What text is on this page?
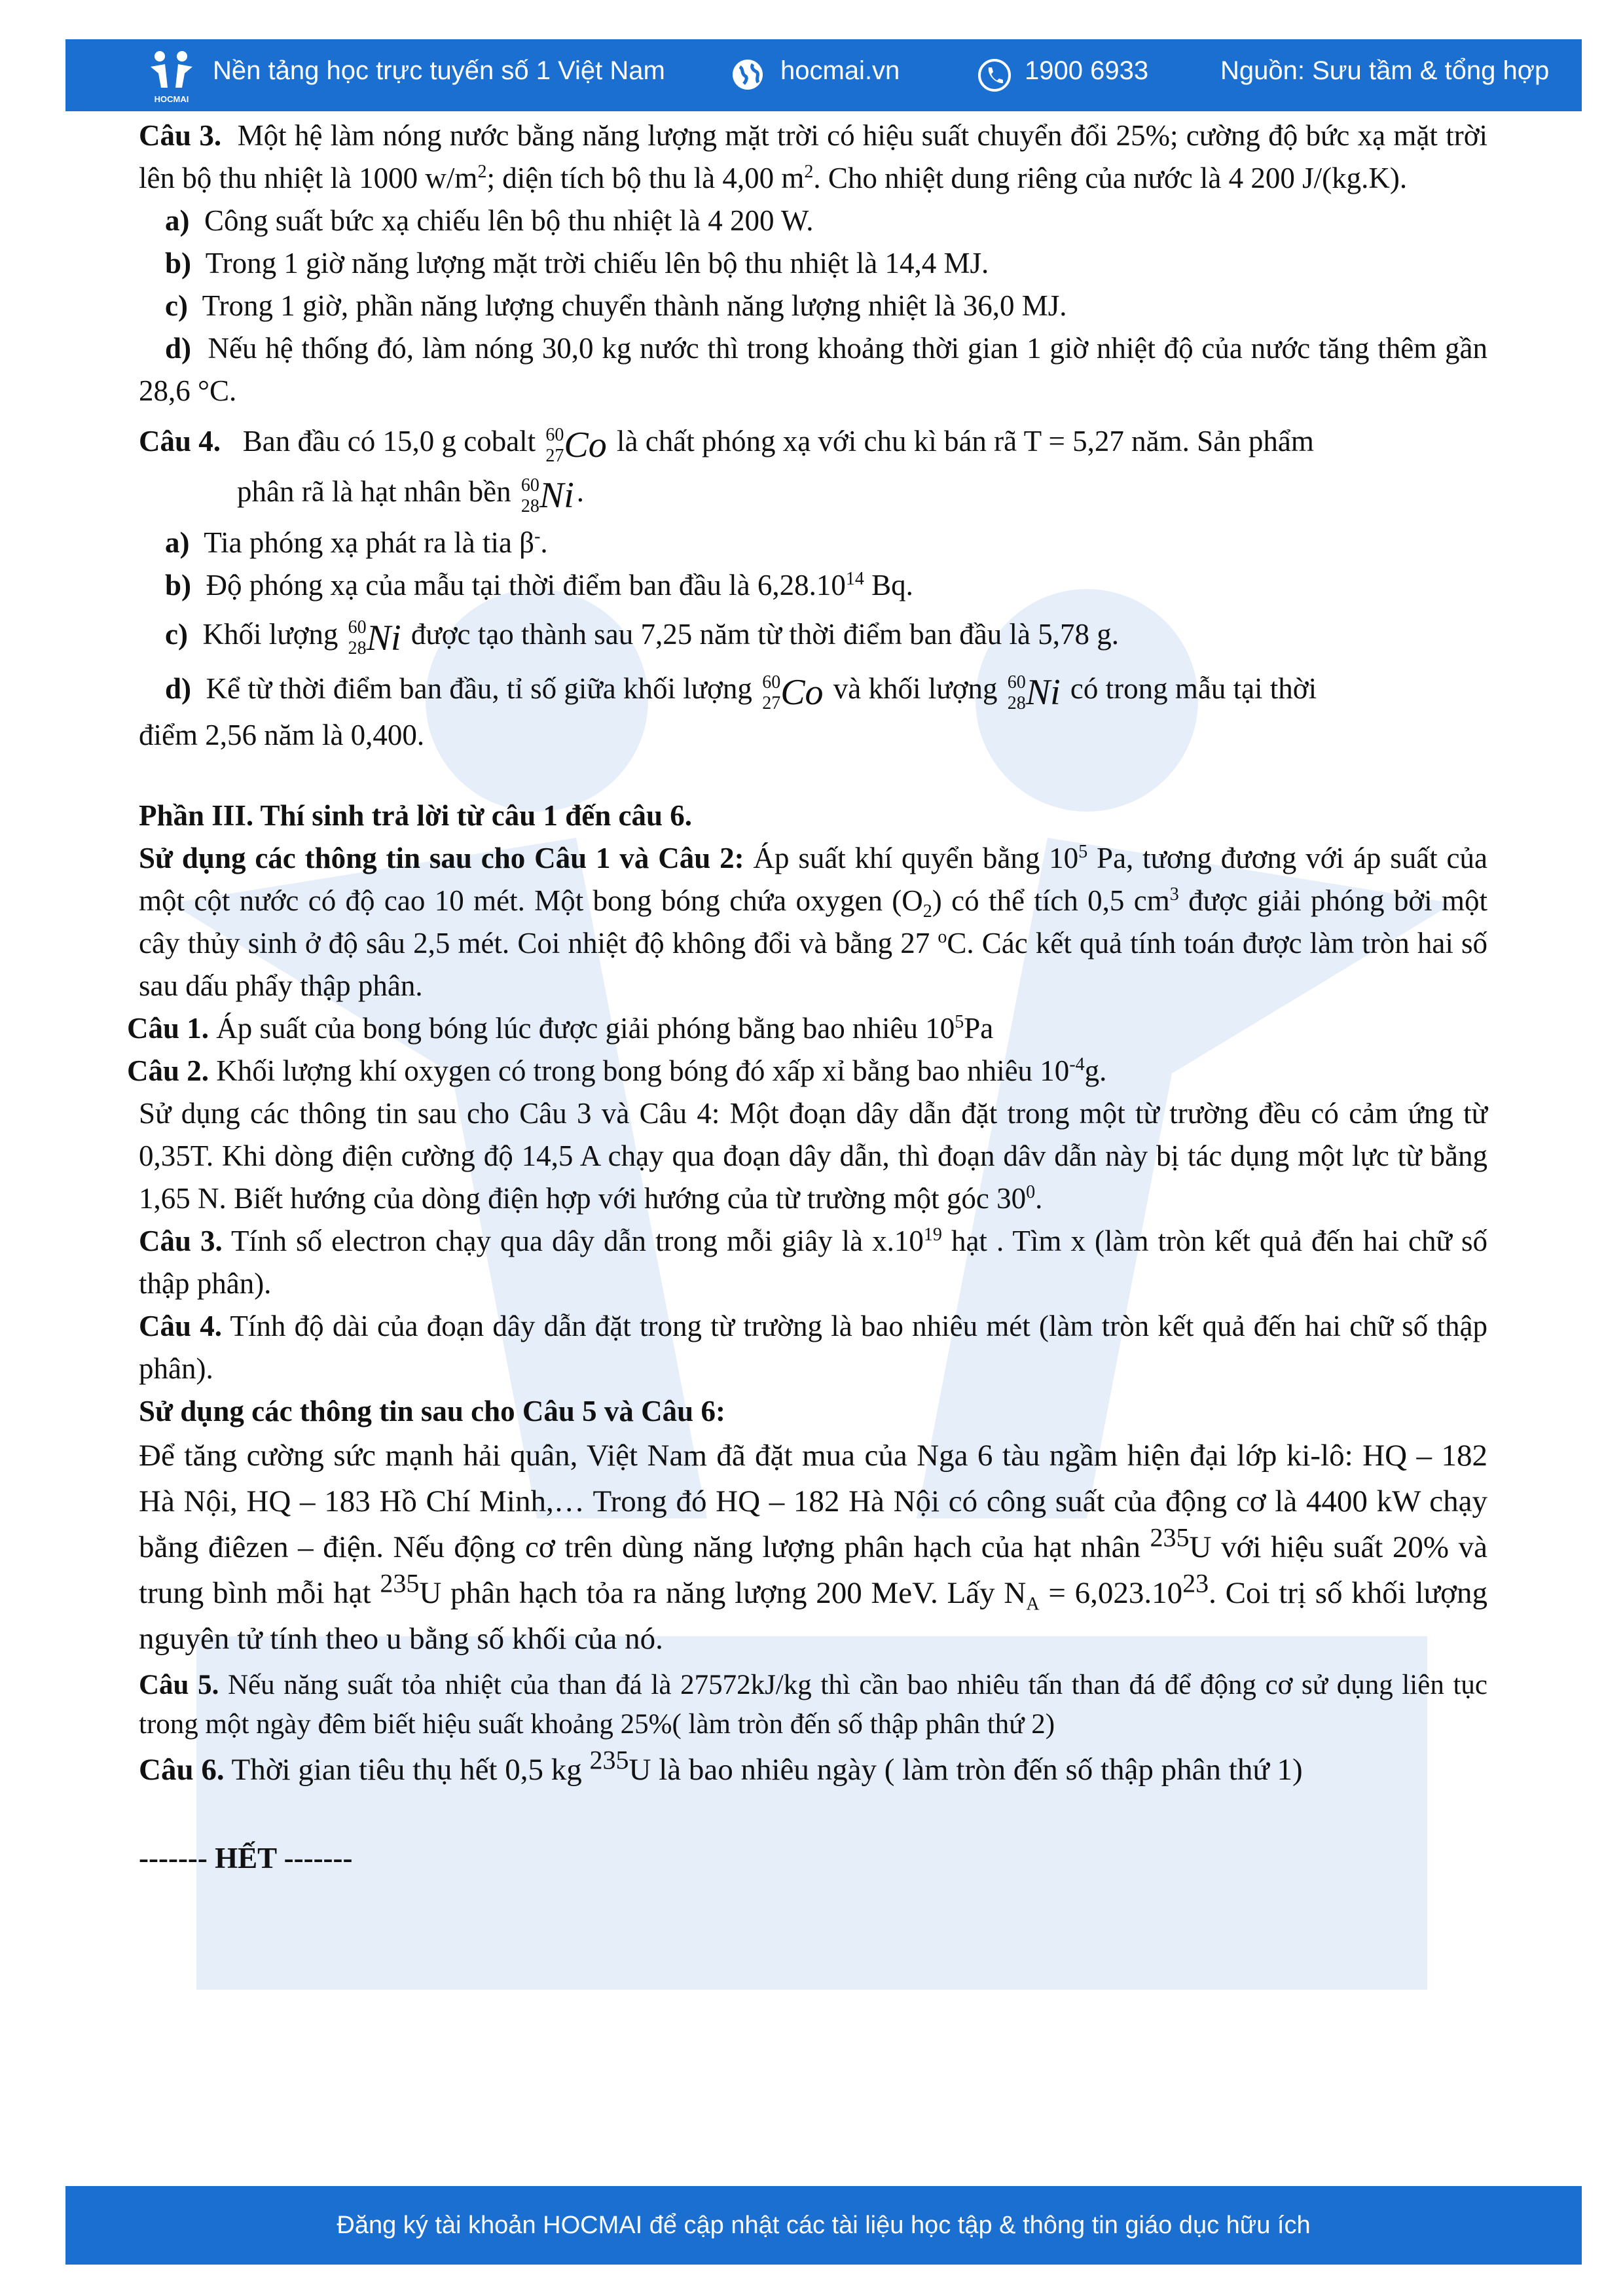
HOCMAI
Nền tảng học trực tuyến số 1 Việt Nam	hocmai.vn	1900 6933	Nguồn: Sưu tầm & tổng hợp

Câu 3. Một hệ làm nóng nước bằng năng lượng mặt trời có hiệu suất chuyển đổi 25%; cường độ bức xạ mặt trời lên bộ thu nhiệt là 1000 $w/m^2$; diện tích bộ thu là 4,00 $m^2$. Cho nhiệt dung riêng của nước là 4 200 J/(kg.K).

a) Công suất bức xạ chiếu lên bộ thu nhiệt là 4 200 W.

b) Trong 1 giờ năng lượng mặt trời chiếu lên bộ thu nhiệt là 14,4 MJ.

c) Trong 1 giờ, phần năng lượng chuyển thành năng lượng nhiệt là 36,0 MJ.

d) Nếu hệ thống đó, làm nóng 30,0 kg nước thì trong khoảng thời gian 1 giờ nhiệt độ của nước tăng thêm gần 28,6 °C.

Câu 4. Ban đầu có 15,0 g cobalt 60
27Co là chất phóng xạ với chu kì bán rã T = 5,27 năm. Sản phẩm

phân rã là hạt nhân bền 60
28Ni.

a) Tia phóng xạ phát ra là tia β-.

b) Độ phóng xạ của mẫu tại thời điểm ban đầu là 6,28.10$^{14}$ Bq.

c) Khối lượng 60
28Ni được tạo thành sau 7,25 năm từ thời điểm ban đầu là 5,78 g.

d) Kể từ thời điểm ban đầu, tỉ số giữa khối lượng 60
27Co và khối lượng 60
28Ni có trong mẫu tại thời

điểm 2,56 năm là 0,400.

Phần III. Thí sinh trả lời từ câu 1 đến câu 6.

Sử dụng các thông tin sau cho Câu 1 và Câu 2: Áp suất khí quyển bằng $10^5$ Pa, tương đương với áp suất của một cột nước có độ cao 10 mét. Một bong bóng chứa oxygen $(O_2)$ có thể tích 0,5 $cm^3$ được giải phóng bởi một cây thủy sinh ở độ sâu 2,5 mét. Coi nhiệt độ không đổi và bằng 27 $^o$C. Các kết quả tính toán được làm tròn hai số sau dấu phẩy thập phân.

Câu 1. Áp suất của bong bóng lúc được giải phóng bằng bao nhiêu $10^5Pa$

Câu 2. Khối lượng khí oxygen có trong bong bóng đó xấp xỉ bằng bao nhiêu $10^{-4}g$.

Sử dụng các thông tin sau cho Câu 3 và Câu 4: Một đoạn dây dẫn đặt trong một từ trường đều có cảm ứng từ 0,35T. Khi dòng điện cường độ 14,5 A chạy qua đoạn dây dẫn, thì đoạn dâv dẫn này bị tác dụng một lực từ bằng 1,65 N. Biết hướng của dòng điện hợp với hướng của từ trường một góc $30^0$.

Câu 3. Tính số electron chạy qua dây dẫn trong mỗi giây là $x.10^{19}$ hạt . Tìm x (làm tròn kết quả đến hai chữ số thập phân).

Câu 4. Tính độ dài của đoạn dây dẫn đặt trong từ trường là bao nhiêu mét (làm tròn kết quả đến hai chữ số thập phân).

Sử dụng các thông tin sau cho Câu 5 và Câu 6:

Để tăng cường sức mạnh hải quân, Việt Nam đã đặt mua của Nga 6 tàu ngầm hiện đại lớp ki-lô: HQ – 182 Hà Nội, HQ – 183 Hồ Chí Minh,… Trong đó HQ – 182 Hà Nội có công suất của động cơ là 4400 kW chạy bằng điêzen – điện. Nếu động cơ trên dùng năng lượng phân hạch của hạt nhân 235U với hiệu suất 20% và trung bình mỗi hạt 235U phân hạch tỏa ra năng lượng 200 MeV. Lấy $N_A = 6,023.1023$. Coi trị số khối lượng nguyên tử tính theo u bằng số khối của nó.

Câu 5. Nếu năng suất tỏa nhiệt của than đá là 27572kJ/kg thì cần bao nhiêu tấn than đá để động cơ sử dụng liên tục trong một ngày đêm biết hiệu suất khoảng 25%( làm tròn đến số thập phân thứ 2)

Câu 6. Thời gian tiêu thụ hết 0,5 kg 235U là bao nhiêu ngày ( làm tròn đến số thập phân thứ 1)

------- HẾT -------

Đăng ký tài khoản HOCMAI để cập nhật các tài liệu học tập & thông tin giáo dục hữu ích
